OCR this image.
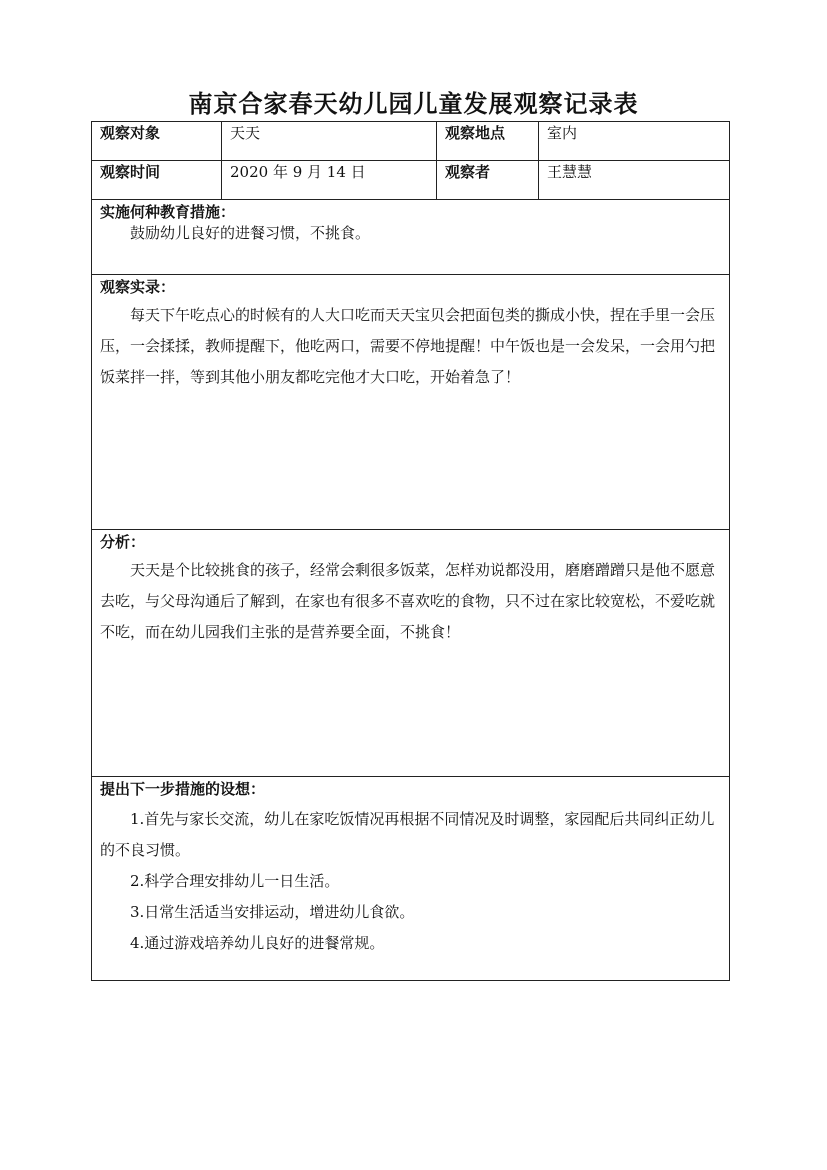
南京合家春天幼儿园儿童发展观察记录表
观察对象	天天	观察地点	室内
观察时间	2020 年 9 月 14 日	观察者	王慧慧

实施何种教育措施：
鼓励幼儿良好的进餐习惯，不挑食。			

观察实录：
每天下午吃点心的时候有的人大口吃而天天宝贝会把面包类的撕成小快，捏在手里一会压压，一会揉揉，教师提醒下，他吃两口，需要不停地提醒！中午饭也是一会发呆，一会用勺把饭菜拌一拌，等到其他小朋友都吃完他才大口吃，开始着急了！			

分析：
天天是个比较挑食的孩子，经常会剩很多饭菜，怎样劝说都没用，磨磨蹭蹭只是他不愿意去吃，与父母沟通后了解到，在家也有很多不喜欢吃的食物，只不过在家比较宽松，不爱吃就不吃，而在幼儿园我们主张的是营养要全面，不挑食！			

提出下一步措施的设想：
1.首先与家长交流，幼儿在家吃饭情况再根据不同情况及时调整，家园配后共同纠正幼儿的不良习惯。
2.科学合理安排幼儿一日生活。
3.日常生活适当安排运动，增进幼儿食欲。
4.通过游戏培养幼儿良好的进餐常规。			
